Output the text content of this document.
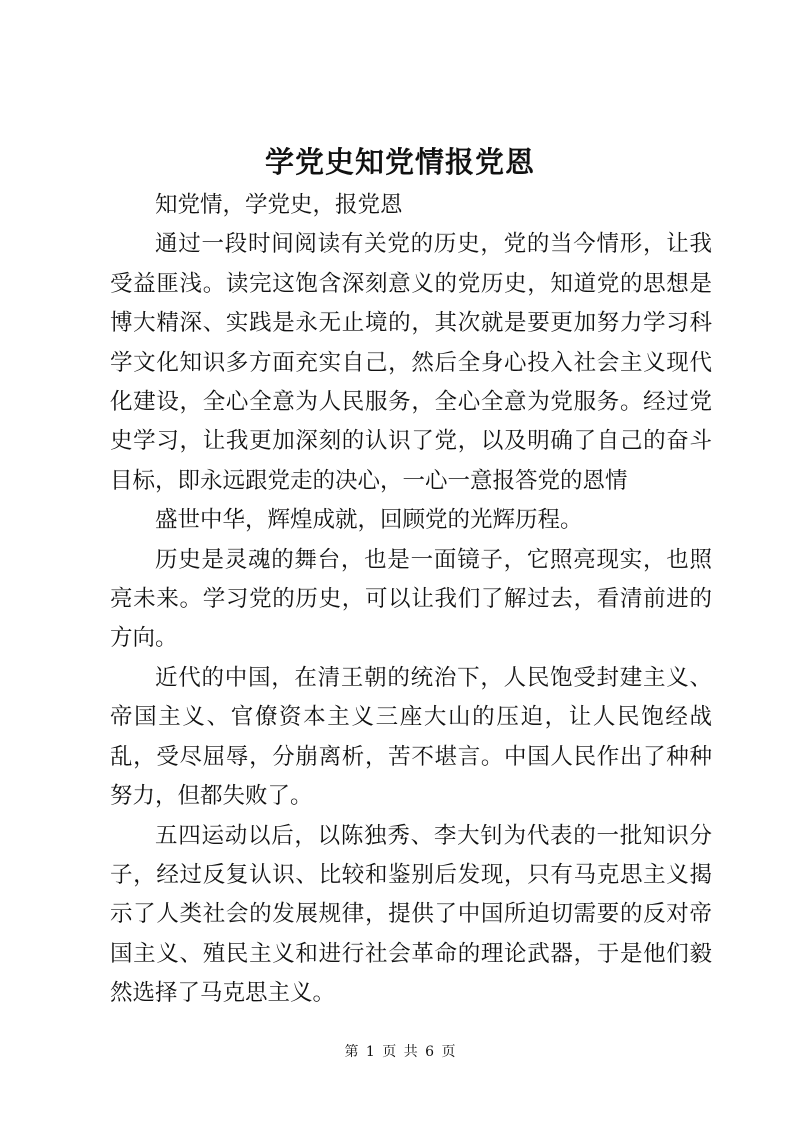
学党史知党情报党恩

知党情，学党史，报党恩

通过一段时间阅读有关党的历史，党的当今情形，让我受益匪浅。读完这饱含深刻意义的党历史，知道党的思想是博大精深、实践是永无止境的，其次就是要更加努力学习科学文化知识多方面充实自己，然后全身心投入社会主义现代化建设，全心全意为人民服务，全心全意为党服务。经过党史学习，让我更加深刻的认识了党，以及明确了自己的奋斗目标，即永远跟党走的决心，一心一意报答党的恩情

盛世中华，辉煌成就，回顾党的光辉历程。

历史是灵魂的舞台，也是一面镜子，它照亮现实，也照亮未来。学习党的历史，可以让我们了解过去，看清前进的方向。

近代的中国，在清王朝的统治下，人民饱受封建主义、帝国主义、官僚资本主义三座大山的压迫，让人民饱经战乱，受尽屈辱，分崩离析，苦不堪言。中国人民作出了种种努力，但都失败了。

五四运动以后，以陈独秀、李大钊为代表的一批知识分子，经过反复认识、比较和鉴别后发现，只有马克思主义揭示了人类社会的发展规律，提供了中国所迫切需要的反对帝国主义、殖民主义和进行社会革命的理论武器，于是他们毅然选择了马克思主义。

第 1 页 共 6 页
